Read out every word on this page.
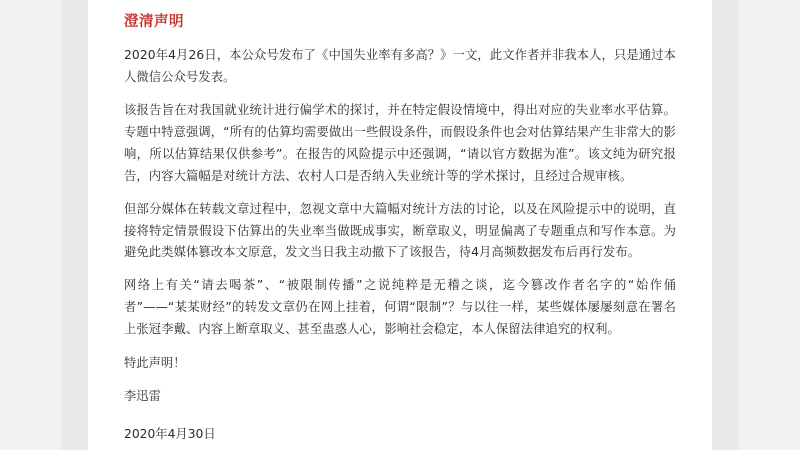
澄清声明

2020年4月26日，本公众号发布了《中国失业率有多高？》一文，此文作者并非我本人，只是通过本人微信公众号发表。

该报告旨在对我国就业统计进行偏学术的探讨，并在特定假设情境中，得出对应的失业率水平估算。专题中特意强调，“所有的估算均需要做出一些假设条件，而假设条件也会对估算结果产生非常大的影响，所以估算结果仅供参考”。在报告的风险提示中还强调，“请以官方数据为准”。该文纯为研究报告，内容大篇幅是对统计方法、农村人口是否纳入失业统计等的学术探讨，且经过合规审核。

但部分媒体在转载文章过程中，忽视文章中大篇幅对统计方法的讨论，以及在风险提示中的说明，直接将特定情景假设下估算出的失业率当做既成事实，断章取义，明显偏离了专题重点和写作本意。为避免此类媒体篡改本文原意，发文当日我主动撤下了该报告，待4月高频数据发布后再行发布。

网络上有关“请去喝茶”、“被限制传播”之说纯粹是无稽之谈，迄今篡改作者名字的“始作俑者”——“某某财经”的转发文章仍在网上挂着，何谓“限制”？与以往一样，某些媒体屡屡刻意在署名上张冠李戴、内容上断章取义、甚至蛊惑人心，影响社会稳定，本人保留法律追究的权利。

特此声明！

李迅雷

2020年4月30日
